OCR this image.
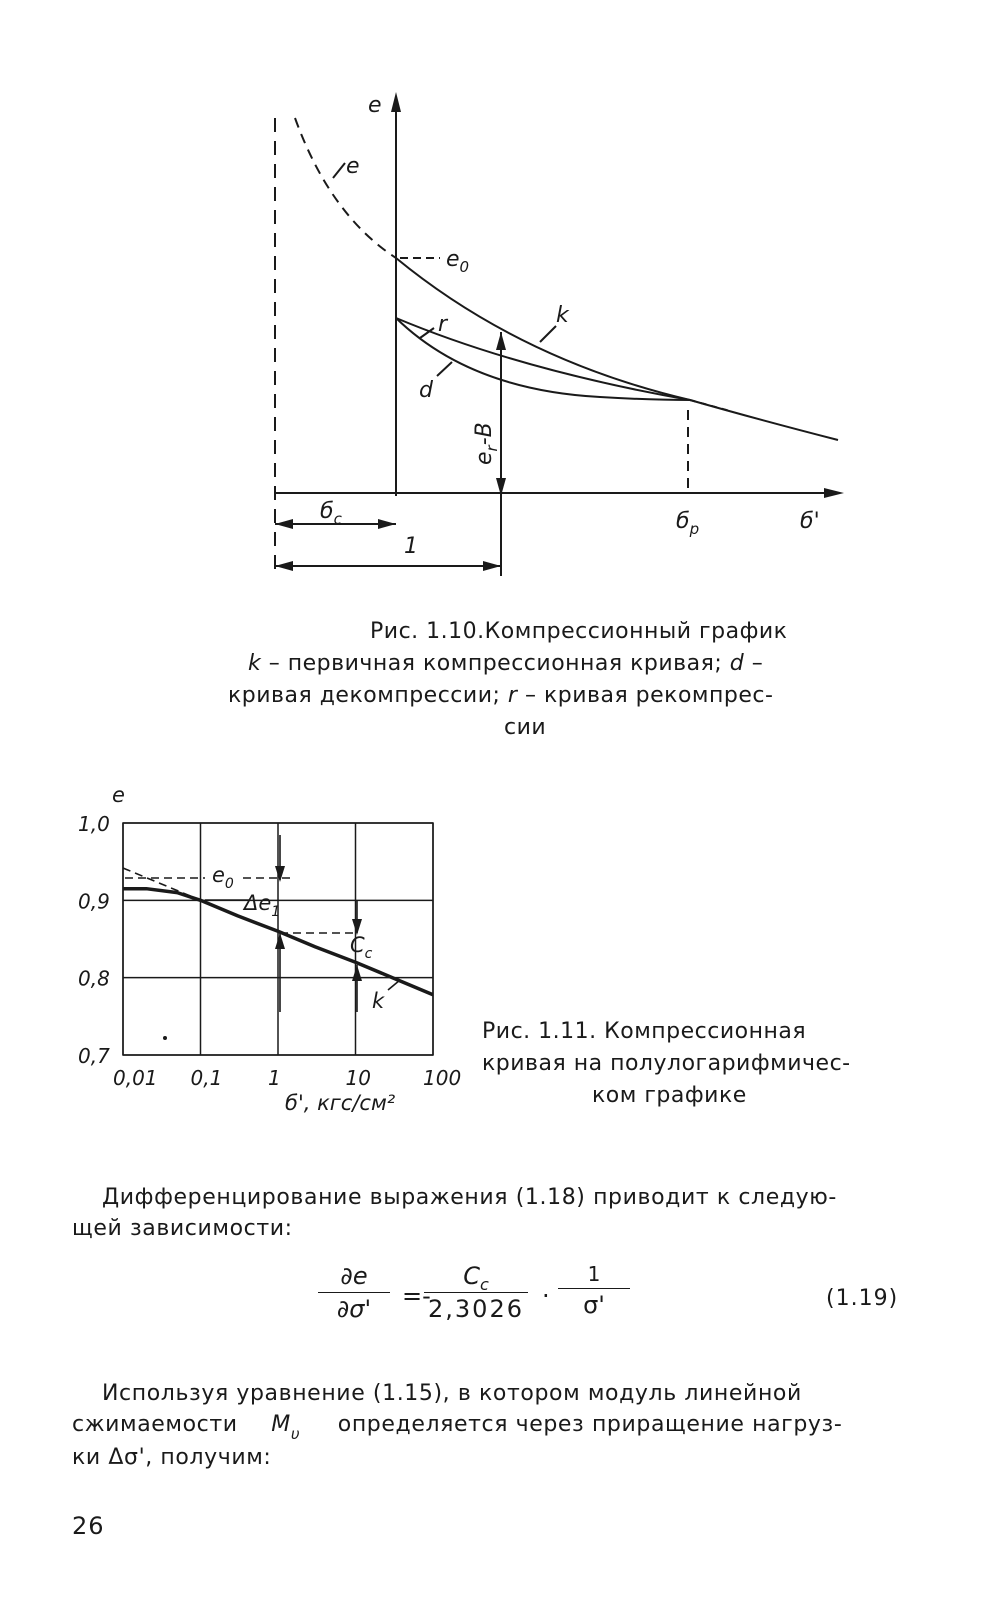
e
e
$e_0$
k
r
d
$e_r-B$
$б_c$
1
$б_р$	б'
Рис. 1.10.Компрессионный график
k – первичная компрессионная кривая; d –
кривая декомпрессии; r – кривая рекомпрес-
сии
0,01 0,1 1	10	100
1,0
0,9
0,8
0,7
e
$e_0$
$\Delta e_1$
$C_c$
k
б', кгс/см²
Рис. 1.11. Компрессионная
кривая на полулогарифмичес-
ком графике
Дифференцирование выражения (1.18) приводит к следую-
щей зависимости:
∂e
∂σ'	=-
$C_c$
2,3026 ·
1
σ'	(1.19)
Используя уравнение (1.15), в котором модуль линейной
сжимаемости $M_\upsilon$ определяется через приращение нагруз-
ки Δσ', получим:
26
